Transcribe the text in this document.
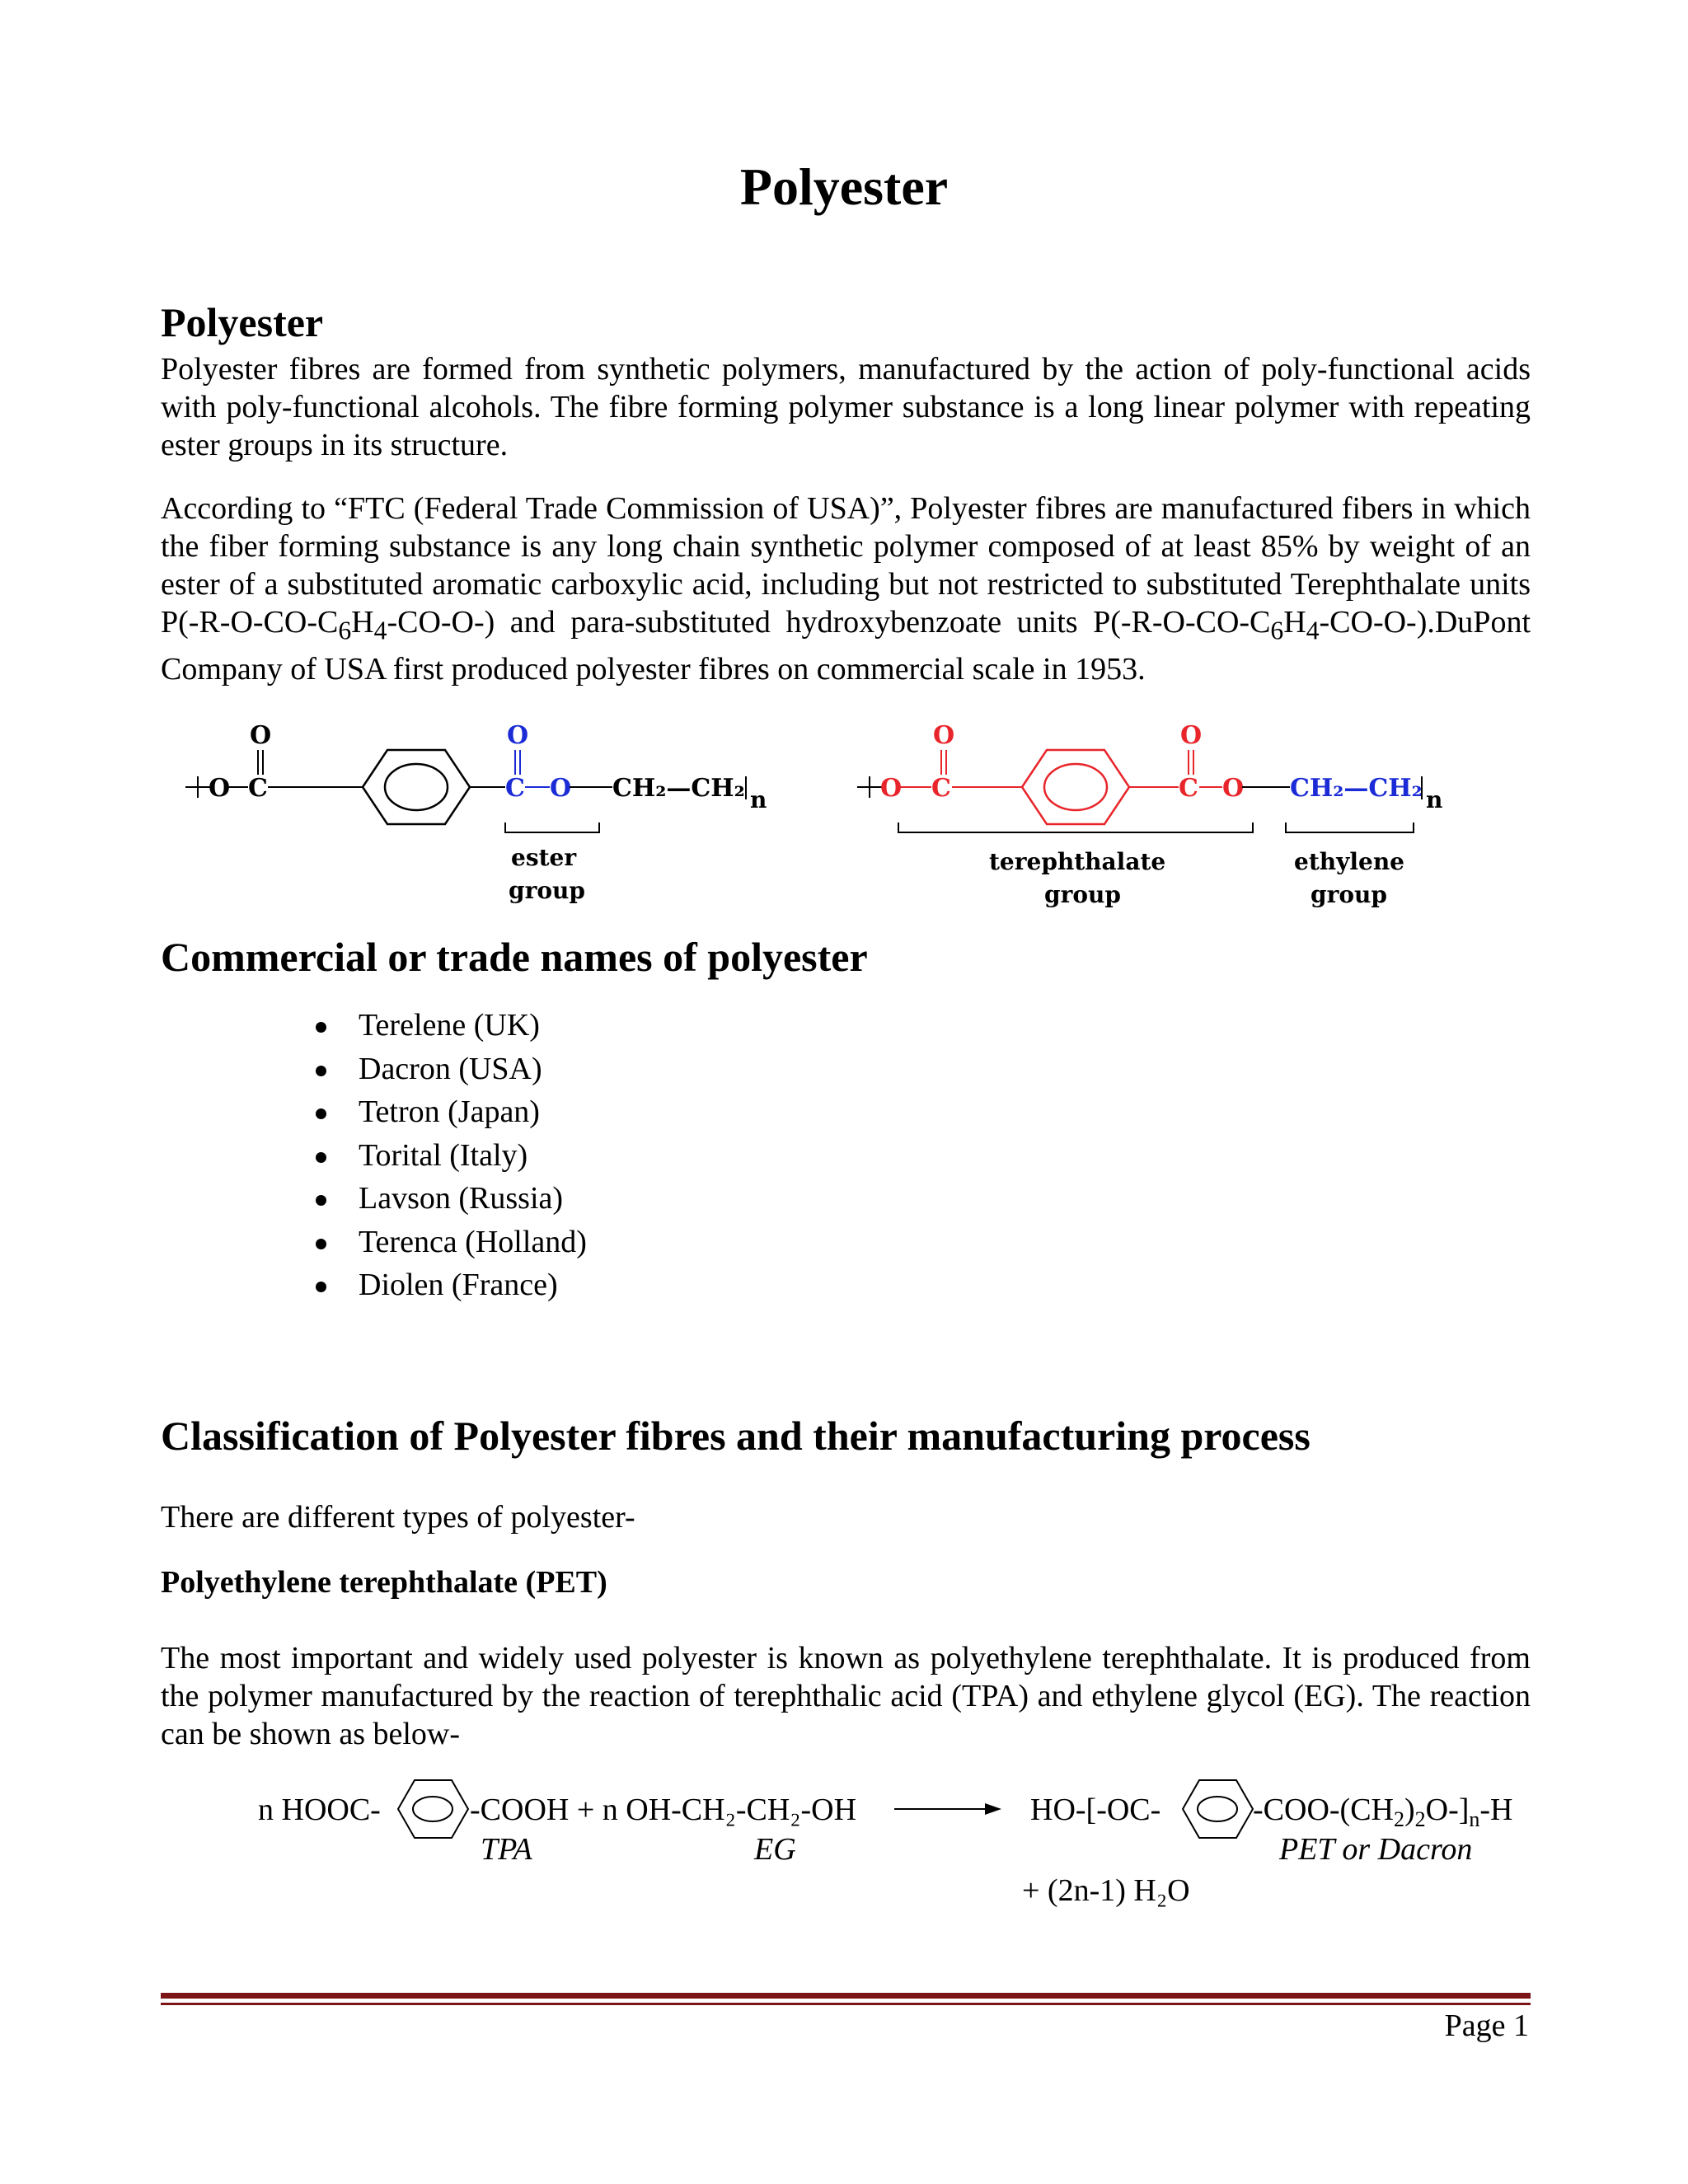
Polyester
Polyester

Polyester fibres are formed from synthetic polymers, manufactured by the action of poly-functional acids with poly-functional alcohols. The fibre forming polymer substance is a long linear polymer with repeating ester groups in its structure.

According to “FTC (Federal Trade Commission of USA)”, Polyester fibres are manufactured fibers in which the fiber forming substance is any long chain synthetic polymer composed of at least 85% by weight of an ester of a substituted aromatic carboxylic acid, including but not restricted to substituted Terephthalate units $P(-R-O-CO-C_6H_4-CO-O-)$ and para-substituted hydroxybenzoate units $P(-R-O-CO-C_6H_4-CO-O-).DuPont$ Company of USA first produced polyester fibres on commercial scale in 1953.

O C
O
C
O
O CH₂—CH₂ n
ester
group
O C
O
C
O
O CH₂—CH₂ n
terephthalate
group
ethylene
group
Commercial or trade names of polyester
Terelene (UK)
Dacron (USA)
Tetron (Japan)
Torital (Italy)
Lavson (Russia)
Terenca (Holland)
Diolen (France)
Classification of Polyester fibres and their manufacturing process

There are different types of polyester-

Polyethylene terephthalate (PET)

The most important and widely used polyester is known as polyethylene terephthalate. It is produced from the polymer manufactured by the reaction of terephthalic acid (TPA) and ethylene glycol (EG). The reaction can be shown as below-

n HOOC-	-COOH + n OH-CH₂-CH₂-OH
TPA	EG
HO-[-OC-	$-COO-(CH_2)_2O-]_n-H$
PET or Dacron
+ (2n-1) H₂O
Page 1
